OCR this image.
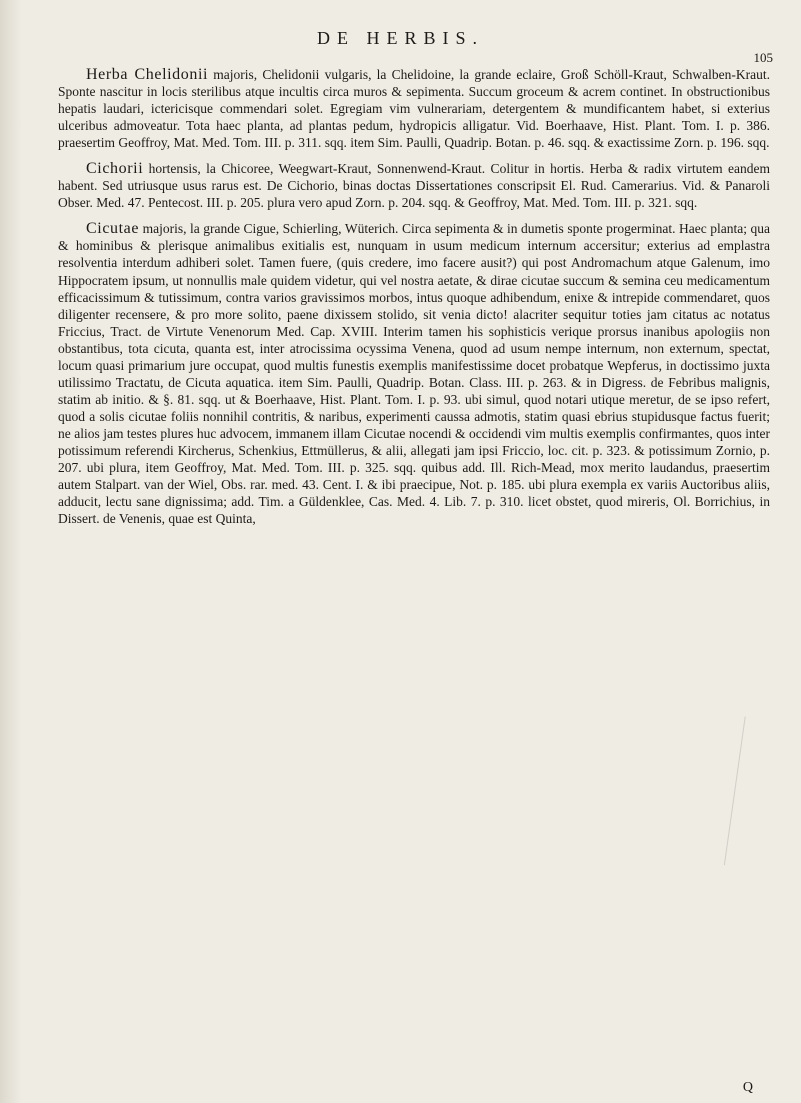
DE HERBIS.
105

Herba Chelidonii majoris, Chelidonii vulgaris, la Chelidoine, la grande eclaire, Groß Schöll-Kraut, Schwalben-Kraut. Sponte nascitur in locis sterilibus atque incultis circa muros & sepimenta. Succum groceum & acrem continet. In obstructionibus hepatis laudari, ictericisque commendari solet. Egregiam vim vulnerariam, detergentem & mundificantem habet, si exterius ulceribus admoveatur. Tota haec planta, ad plantas pedum, hydropicis alligatur. Vid. Boerhaave, Hist. Plant. Tom. I. p. 386. praesertim Geoffroy, Mat. Med. Tom. III. p. 311. sqq. item Sim. Paulli, Quadrip. Botan. p. 46. sqq. & exactissime Zorn. p. 196. sqq.

Cichorii hortensis, la Chicoree, Weegwart-Kraut, Sonnenwend-Kraut. Colitur in hortis. Herba & radix virtutem eandem habent. Sed utriusque usus rarus est. De Cichorio, binas doctas Dissertationes conscripsit El. Rud. Camerarius. Vid. & Panaroli Obser. Med. 47. Pentecost. III. p. 205. plura vero apud Zorn. p. 204. sqq. & Geoffroy, Mat. Med. Tom. III. p. 321. sqq.

Cicutae majoris, la grande Cigue, Schierling, Wüterich. Circa sepimenta & in dumetis sponte progerminat. Haec planta; qua & hominibus & plerisque animalibus exitialis est, nunquam in usum medicum internum accersitur; exterius ad emplastra resolventia interdum adhiberi solet. Tamen fuere, (quis credere, imo facere ausit?) qui post Andromachum atque Galenum, imo Hippocratem ipsum, ut nonnullis male quidem videtur, qui vel nostra aetate, & dirae cicutae succum & semina ceu medicamentum efficacissimum & tutissimum, contra varios gravissimos morbos, intus quoque adhibendum, enixe & intrepide commendaret, quos diligenter recensere, & pro more solito, paene dixissem stolido, sit venia dicto! alacriter sequitur toties jam citatus ac notatus Friccius, Tract. de Virtute Venenorum Med. Cap. XVIII. Interim tamen his sophisticis verique prorsus inanibus apologiis non obstantibus, tota cicuta, quanta est, inter atrocissima ocyssima Venena, quod ad usum nempe internum, non externum, spectat, locum quasi primarium jure occupat, quod multis funestis exemplis manifestissime docet probatque Wepferus, in doctissimo juxta utilissimo Tractatu, de Cicuta aquatica. item Sim. Paulli, Quadrip. Botan. Class. III. p. 263. & in Digress. de Febribus malignis, statim ab initio. & §. 81. sqq. ut & Boerhaave, Hist. Plant. Tom. I. p. 93. ubi simul, quod notari utique meretur, de se ipso refert, quod a solis cicutae foliis nonnihil contritis, & naribus, experimenti caussa admotis, statim quasi ebrius stupidusque factus fuerit; ne alios jam testes plures huc advocem, immanem illam Cicutae nocendi & occidendi vim multis exemplis confirmantes, quos inter potissimum referendi Kircherus, Schenkius, Ettmüllerus, & alii, allegati jam ipsi Friccio, loc. cit. p. 323. & potissimum Zornio, p. 207. ubi plura, item Geoffroy, Mat. Med. Tom. III. p. 325. sqq. quibus add. Ill. Rich-Mead, mox merito laudandus, praesertim autem Stalpart. van der Wiel, Obs. rar. med. 43. Cent. I. & ibi praecipue, Not. p. 185. ubi plura exempla ex variis Auctoribus aliis, adducit, lectu sane dignissima; add. Tim. a Güldenklee, Cas. Med. 4. Lib. 7. p. 310. licet obstet, quod mireris, Ol. Borrichius, in Dissert. de Venenis, quae est Quinta,

Q
